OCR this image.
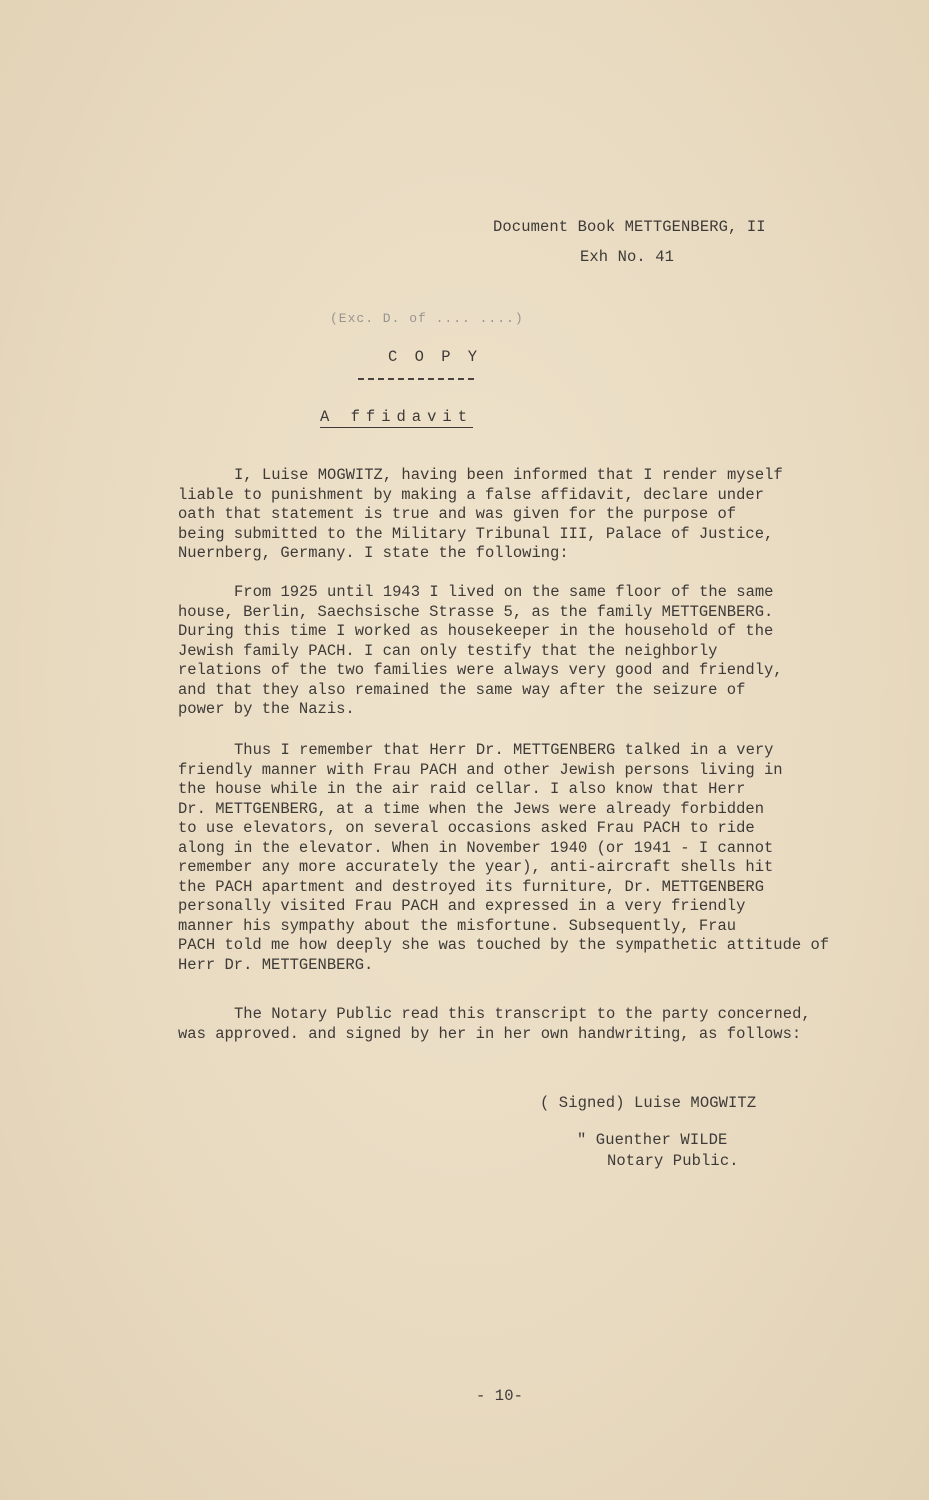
Document Book METTGENBERG, II
Exh No. 41
(Exc. D. of .... ....)
C O P Y
A ffidavit
I, Luise MOGWITZ, having been informed that I render myself
liable to punishment by making a false affidavit, declare under
oath that statement is true and was given for the purpose of
being submitted to the Military Tribunal III, Palace of Justice,
Nuernberg, Germany. I state the following:
From 1925 until 1943 I lived on the same floor of the same
house, Berlin, Saechsische Strasse 5, as the family METTGENBERG.
During this time I worked as housekeeper in the household of the
Jewish family PACH. I can only testify that the neighborly
relations of the two families were always very good and friendly,
and that they also remained the same way after the seizure of
power by the Nazis.
Thus I remember that Herr Dr. METTGENBERG talked in a very
friendly manner with Frau PACH and other Jewish persons living in
the house while in the air raid cellar. I also know that Herr
Dr. METTGENBERG, at a time when the Jews were already forbidden
to use elevators, on several occasions asked Frau PACH to ride
along in the elevator. When in November 1940 (or 1941 - I cannot
remember any more accurately the year), anti-aircraft shells hit
the PACH apartment and destroyed its furniture, Dr. METTGENBERG
personally visited Frau PACH and expressed in a very friendly
manner his sympathy about the misfortune. Subsequently, Frau
PACH told me how deeply she was touched by the sympathetic attitude of
Herr Dr. METTGENBERG.
The Notary Public read this transcript to the party concerned,
was approved. and signed by her in her own handwriting, as follows:
( Signed) Luise MOGWITZ
" Guenther WILDE
Notary Public.
- 10-
